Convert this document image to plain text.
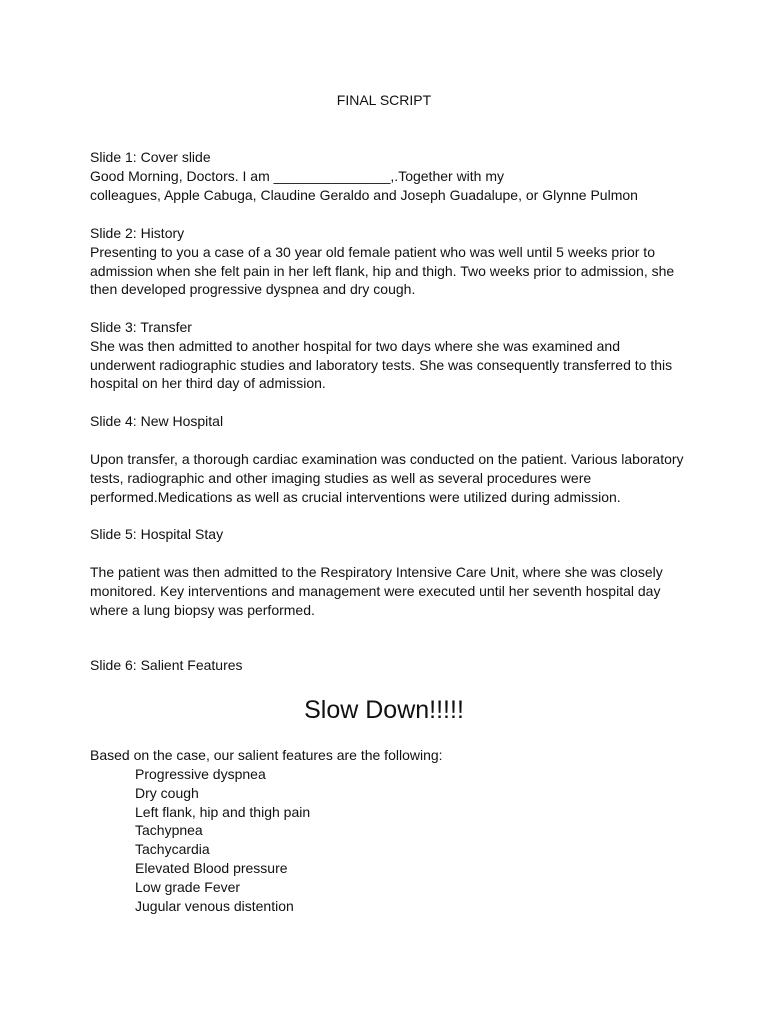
FINAL SCRIPT

Slide 1: Cover slide

Good Morning, Doctors. I am _______________,.Together with my

colleagues, Apple Cabuga, Claudine Geraldo and Joseph Guadalupe, or Glynne Pulmon

Slide 2: History

Presenting to you a case of a 30 year old female patient who was well until 5 weeks prior to

admission when she felt pain in her left flank, hip and thigh. Two weeks prior to admission, she

then developed progressive dyspnea and dry cough.

Slide 3: Transfer

She was then admitted to another hospital for two days where she was examined and

underwent radiographic studies and laboratory tests. She was consequently transferred to this

hospital on her third day of admission.

Slide 4: New Hospital

Upon transfer, a thorough cardiac examination was conducted on the patient. Various laboratory

tests, radiographic and other imaging studies as well as several procedures were

performed.Medications as well as crucial interventions were utilized during admission.

Slide 5: Hospital Stay

The patient was then admitted to the Respiratory Intensive Care Unit, where she was closely

monitored. Key interventions and management were executed until her seventh hospital day

where a lung biopsy was performed.

Slide 6: Salient Features

Slow Down!!!!!
Based on the case, our salient features are the following:
Progressive dyspnea
Dry cough
Left flank, hip and thigh pain
Tachypnea
Tachycardia
Elevated Blood pressure
Low grade Fever
Jugular venous distention
